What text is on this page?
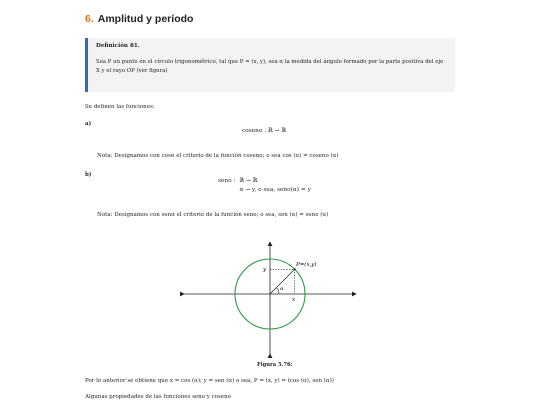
6. Amplitud y período
Definición 81.
Sea P un punto en el círculo trigonométrico, tal que P = (x, y), sea α la medida del ángulo formado por la parte positiva del eje
X y el rayo OP (ver figura)
Se definen las funciones:
a)
coseno : ℝ → ℝ
Nota: Designamos con cosα el criterio de la función coseno; o sea cos (α) = coseno (α)
b)
seno :	ℝ → ℝ
	α → y, o sea, seno(α) = y
Nota: Designamos con senα el criterio de la función seno; o sea, sen (α) = seno (α)
P=(x,y)
y
x
α
Figura 5.76:
Por lo anterior se obtiene que x = cos (α); y = sen (α) o sea, P = (x, y) = (cos (α), sen (α))
Algunas propiedades de las funciones seno y coseno
